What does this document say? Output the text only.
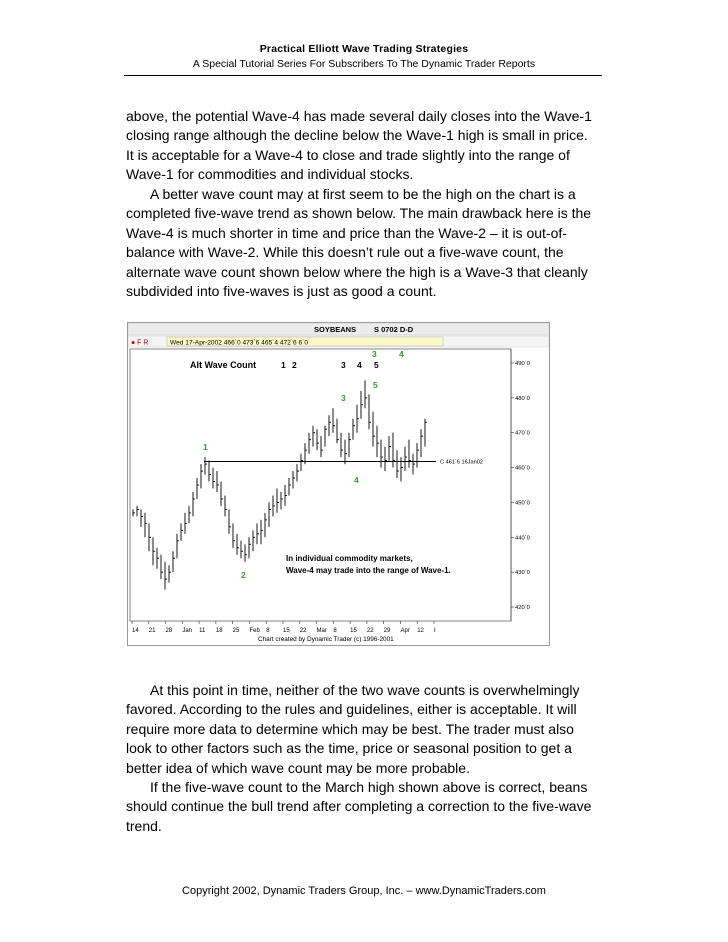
Practical Elliott Wave Trading Strategies
A Special Tutorial Series For Subscribers To The Dynamic Trader Reports

above, the potential Wave-4 has made several daily closes into the Wave-1 closing range although the decline below the Wave-1 high is small in price. It is acceptable for a Wave-4 to close and trade slightly into the range of Wave-1 for commodities and individual stocks.

A better wave count may at first seem to be the high on the chart is a completed five-wave trend as shown below. The main drawback here is the Wave-4 is much shorter in time and price than the Wave-2 – it is out-of-balance with Wave-2. While this doesn’t rule out a five-wave count, the alternate wave count shown below where the high is a Wave-3 that cleanly subdivided into five-waves is just as good a count.

SOYBEANS S 0702 D-D
● F R	Wed 17-Apr-2002 466`0 473`6 465`4 472`6 6`0
490`0
480`0
470`0
460`0
450`0
440`0
430`0
420`0
14 21 28 Jan 11 18 25 Feb 8 15 22 Mar 8 15 22 29 Apr 12 I
C 461`6 16Jan02
Alt Wave Count	1 2	3 4 5
3	4
1
2
3
4
5
In individual commodity markets,
Wave-4 may trade into the range of Wave-1.
Chart created by Dynamic Trader (c) 1996-2001

At this point in time, neither of the two wave counts is overwhelmingly favored. According to the rules and guidelines, either is acceptable. It will require more data to determine which may be best. The trader must also look to other factors such as the time, price or seasonal position to get a better idea of which wave count may be more probable.

If the five-wave count to the March high shown above is correct, beans should continue the bull trend after completing a correction to the five-wave trend.

Copyright 2002, Dynamic Traders Group, Inc. – www.DynamicTraders.com
